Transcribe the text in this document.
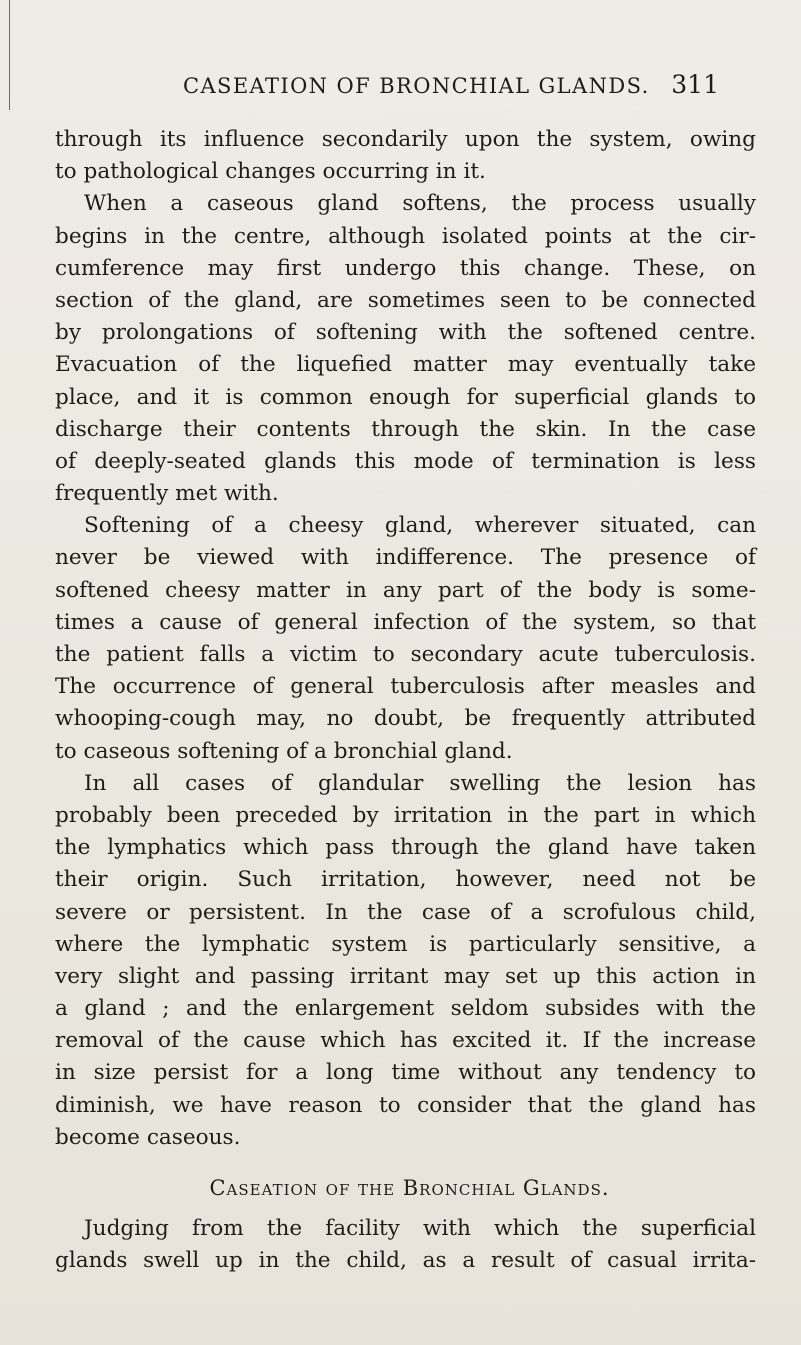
CASEATION OF BRONCHIAL GLANDS. 311
through its influence secondarily upon the system, owing
to pathological changes occurring in it.
When a caseous gland softens, the process usually
begins in the centre, although isolated points at the cir-
cumference may first undergo this change. These, on
section of the gland, are sometimes seen to be connected
by prolongations of softening with the softened centre.
Evacuation of the liquefied matter may eventually take
place, and it is common enough for superficial glands to
discharge their contents through the skin. In the case
of deeply-seated glands this mode of termination is less
frequently met with.
Softening of a cheesy gland, wherever situated, can
never be viewed with indifference. The presence of
softened cheesy matter in any part of the body is some-
times a cause of general infection of the system, so that
the patient falls a victim to secondary acute tuberculosis.
The occurrence of general tuberculosis after measles and
whooping-cough may, no doubt, be frequently attributed
to caseous softening of a bronchial gland.
In all cases of glandular swelling the lesion has
probably been preceded by irritation in the part in which
the lymphatics which pass through the gland have taken
their origin. Such irritation, however, need not be
severe or persistent. In the case of a scrofulous child,
where the lymphatic system is particularly sensitive, a
very slight and passing irritant may set up this action in
a gland ; and the enlargement seldom subsides with the
removal of the cause which has excited it. If the increase
in size persist for a long time without any tendency to
diminish, we have reason to consider that the gland has
become caseous.
Caseation of the Bronchial Glands.
Judging from the facility with which the superficial
glands swell up in the child, as a result of casual irrita-
